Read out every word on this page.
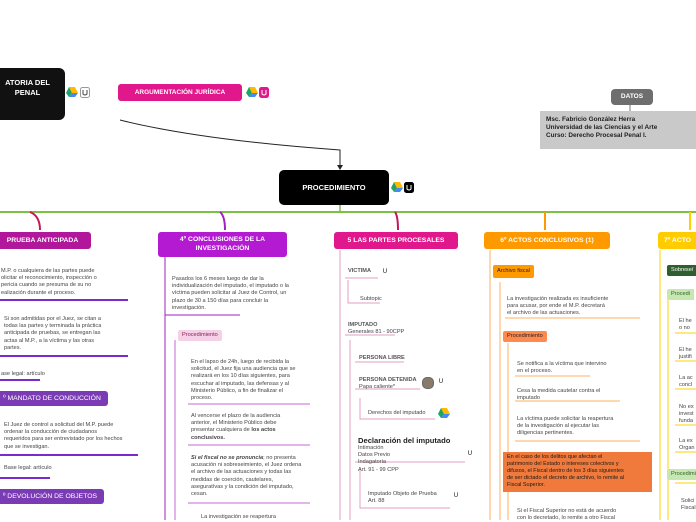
ATORIA DEL
PENAL	ARGUMENTACIÓN JURÍDICA
DATOS
Msc. Fabricio González Herra
Universidad de las Ciencias y el Arte
Curso: Derecho Procesal Penal I.
PROCEDIMIENTO
PRUEBA ANTICIPADA
M.P. o cualquiera de las partes puede
olicitar el reconocimiento, inspección o
pericia cuando se presuma de su no
ealización durante el proceso.
Si son admitidas por el Juez, se citan a
todas las partes y terminada la práctica
anticipada de pruebas, se entregan las
actas al M.P., a la víctima y las otras
partes.
ase legal: artículo
º MANDATO DE CONDUCCIÓN
El Juez de control a solicitud del M.P. puede
ordenar la conducción de ciudadanos
requeridos para ser entrevistado por los hechos
que se investigan.
Base legal: artículo
º DEVOLUCIÓN DE OBJETOS
4º CONCLUSIONES DE LA
INVESTIGACIÓN
Pasados los 6 meses luego de dar la
individualización del imputado, el imputado o la
víctima pueden solicitar al Juez de Control, un
plazo de 30 a 150 días para concluir la
investigación.
Procedimiento
En el lapso de 24h, luego de recibida la
solicitud, el Juez fija una audiencia que se
realizará en los 10 días siguientes, para
escuchar al imputado, las defensas y al
Ministerio Público, a fin de finalizar el
proceso.
Al vencerse el plazo de la audiencia
anterior, el Ministerio Público debe
presentar cualquiera de los actos
conclusivos.
Si el fiscal no se pronuncia; no presenta
acusación ni sobreseimiento, el Juez ordena
el archivo de las actuaciones y todas las
medidas de coerción, cautelares,
aseguratívas y la condición del imputado,
cesan.
La investigación se reapertura
5 LAS PARTES PROCESALES
VICTIMA ∪
Subtopic
IMPUTADO
Generales 81 - 90CPP
PERSONA LIBRE
PERSONA DETENIDA
Papa caliente*
∪
Derechos del imputado
Declaración del imputado
Intimación
Datos Previo
Indagatoria
Art. 91 - 99 CPP
∪
Imputado Objeto de Prueba
Art. 88
∪
6º ACTOS CONCLUSIVOS (1)
Archivo fiscal
La investigación realizada es insuficiente
para acusar, por ende el M.P. decretará
el archivo de las actuaciones.
Procedimiento
Se notifica a la víctima que intervino
en el proceso.
Cesa la medida cautelar contra el
imputado
La víctima puede solicitar la reapertura
de la investigación al ejecutar las
diligencias pertinentes.
En el caso de los delitos que afectan el
patrimonio del Estado o intereses colectivos y
difusos, el Fiscal dentro de los 3 días siguientes
de ser dictado el decreto de archivo, lo remite al
Fiscal Superior.
Si el Fiscal Superior no está de acuerdo
con lo decretado, lo remite a otro Fiscal
7º ACTO
Sobreseí
Procedi
El he
o no
El he
justifi
La ac
concl
No ex
invest
funda
La ex
Organ
Procedimi
Solici
Fiscal
